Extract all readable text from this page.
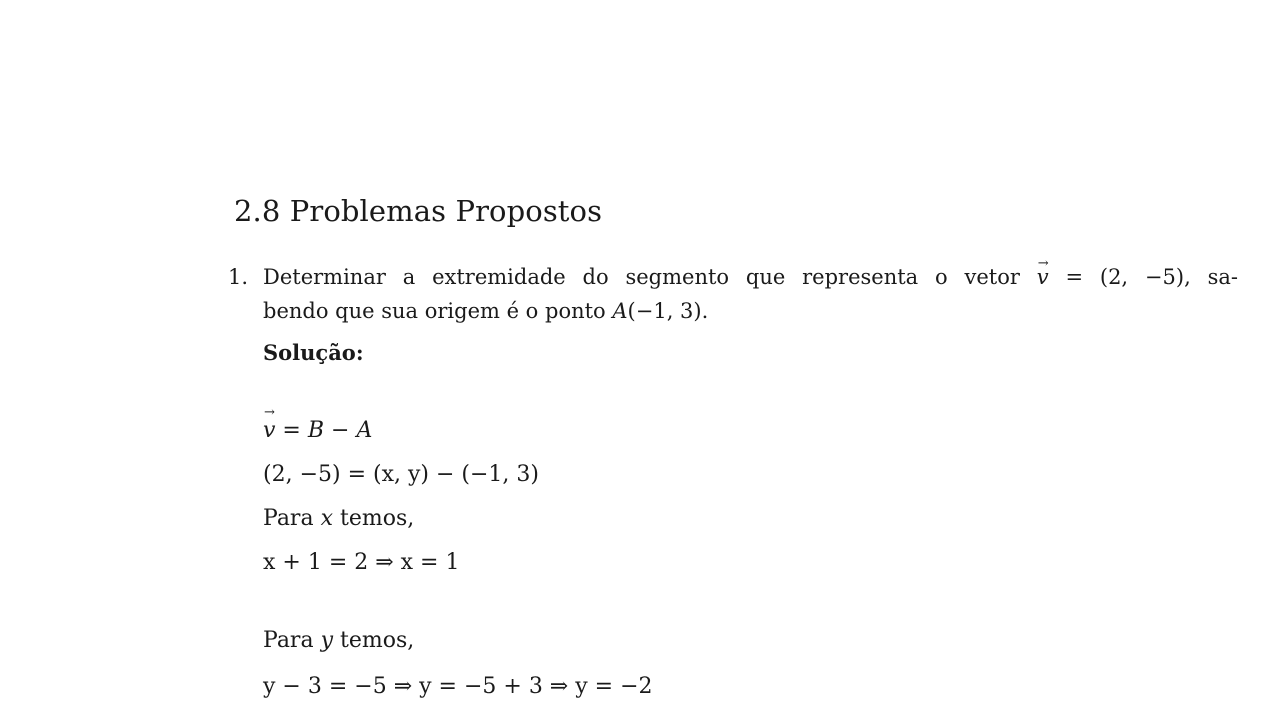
2.8 Problemas Propostos
1. Determinar a extremidade do segmento que representa o vetor → v = (2, −5), sa-
bendo que sua origem é o ponto A(−1, 3).
Solução:
→ v = B − A
(2, −5) = (x, y) − (−1, 3)
Para x temos,
x + 1 = 2 ⇒ x = 1
Para y temos,
y − 3 = −5 ⇒ y = −5 + 3 ⇒ y = −2
